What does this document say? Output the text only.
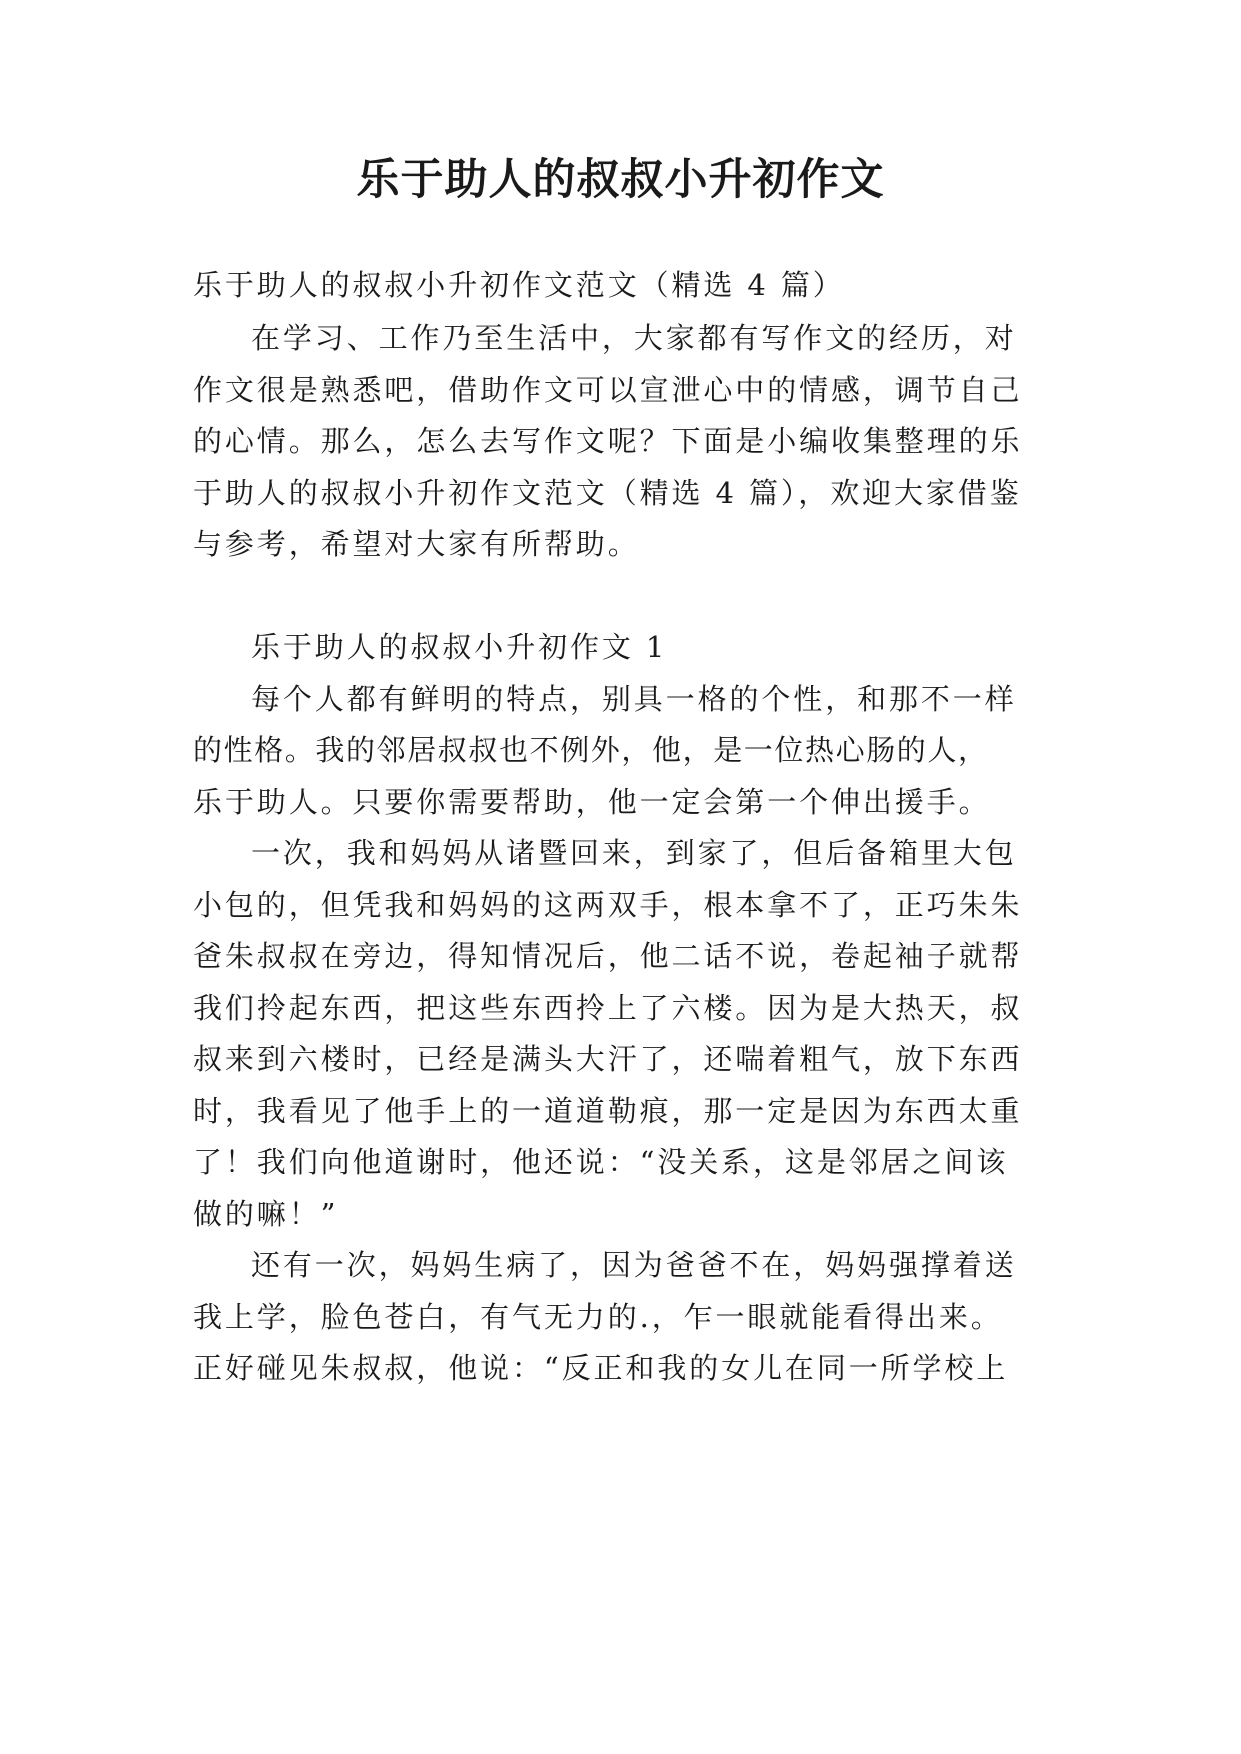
乐于助人的叔叔小升初作文

乐于助人的叔叔小升初作文范文（精选 4 篇）

在学习、工作乃至生活中，大家都有写作文的经历，对

作文很是熟悉吧，借助作文可以宣泄心中的情感，调节自己

的心情。那么，怎么去写作文呢？下面是小编收集整理的乐

于助人的叔叔小升初作文范文（精选 4 篇），欢迎大家借鉴

与参考，希望对大家有所帮助。

乐于助人的叔叔小升初作文 1

每个人都有鲜明的特点，别具一格的个性，和那不一样

的性格。我的邻居叔叔也不例外，他，是一位热心肠的人，

乐于助人。只要你需要帮助，他一定会第一个伸出援手。

一次，我和妈妈从诸暨回来，到家了，但后备箱里大包

小包的，但凭我和妈妈的这两双手，根本拿不了，正巧朱朱

爸朱叔叔在旁边，得知情况后，他二话不说，卷起袖子就帮

我们拎起东西，把这些东西拎上了六楼。因为是大热天，叔

叔来到六楼时，已经是满头大汗了，还喘着粗气，放下东西

时，我看见了他手上的一道道勒痕，那一定是因为东西太重

了！我们向他道谢时，他还说：“没关系，这是邻居之间该

做的嘛！”

还有一次，妈妈生病了，因为爸爸不在，妈妈强撑着送

我上学，脸色苍白，有气无力的.，乍一眼就能看得出来。

正好碰见朱叔叔，他说：“反正和我的女儿在同一所学校上
